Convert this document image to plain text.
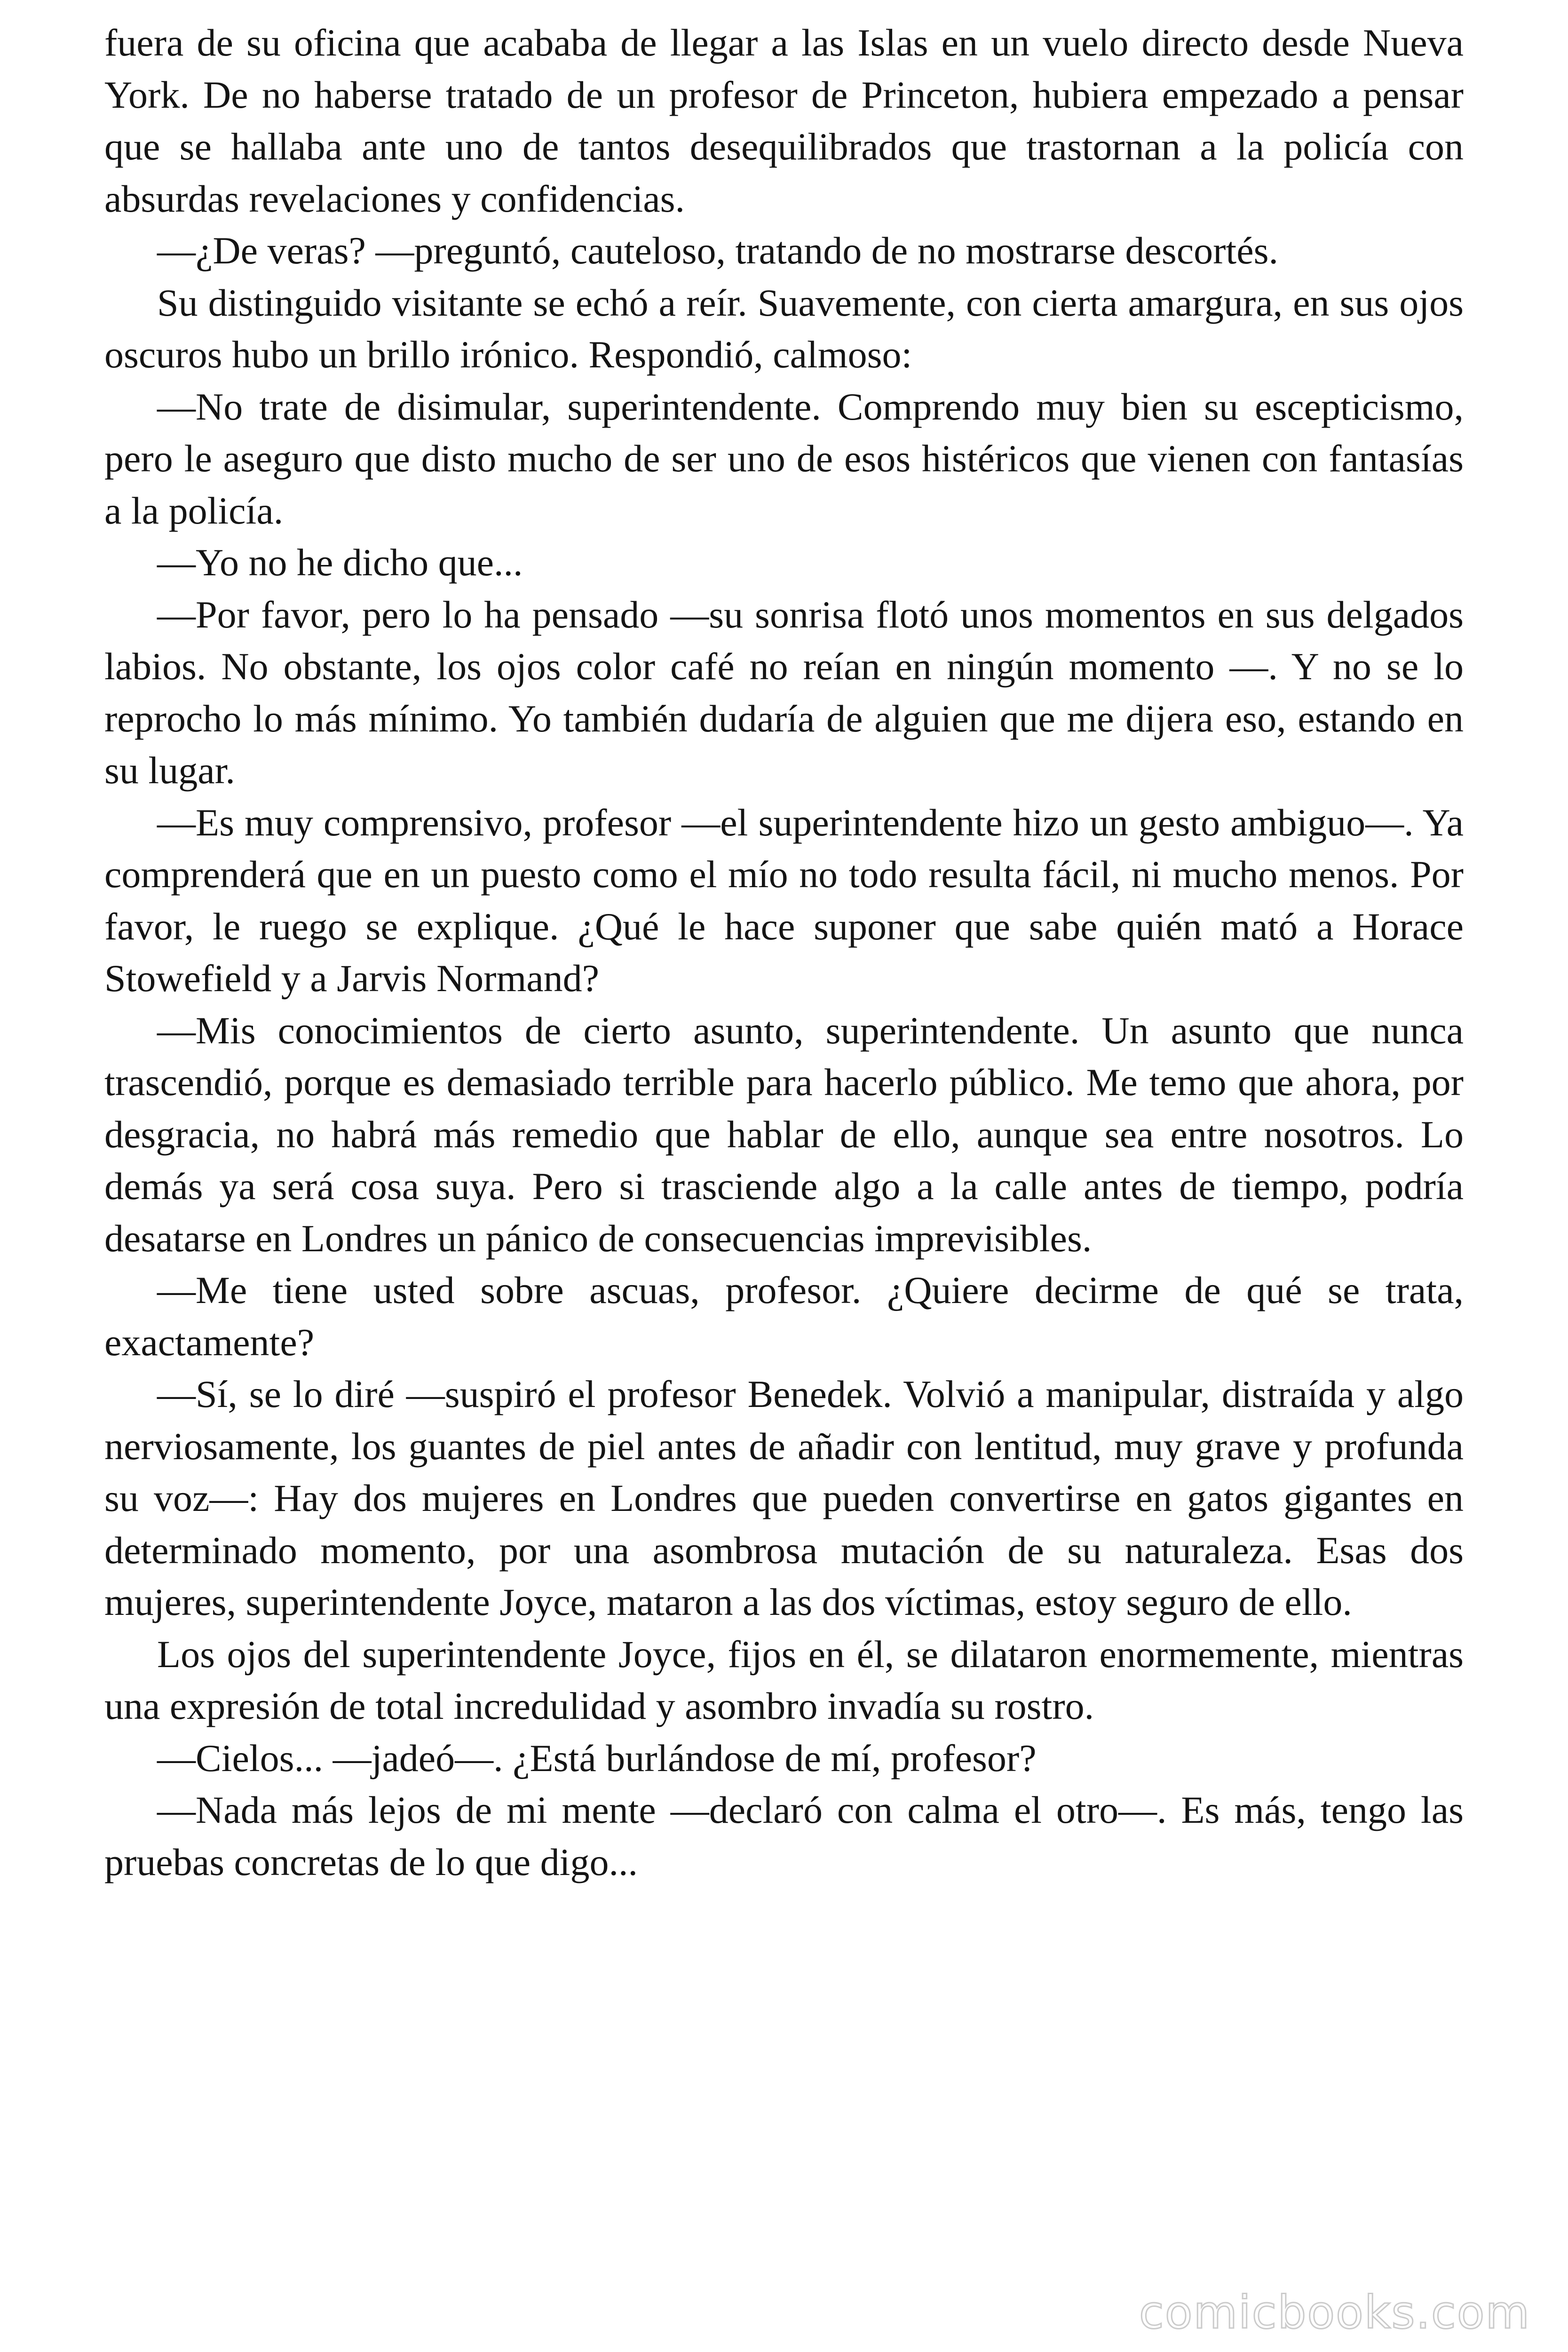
fuera de su oficina que acababa de llegar a las Islas en un vuelo directo desde Nueva York. De no haberse tratado de un profesor de Princeton, hubiera empezado a pensar que se hallaba ante uno de tantos desequilibrados que trastornan a la policía con absurdas revelaciones y confidencias.

—¿De veras? —preguntó, cauteloso, tratando de no mostrarse descortés.

Su distinguido visitante se echó a reír. Suavemente, con cierta amargura, en sus ojos oscuros hubo un brillo irónico. Respondió, calmoso:

—No trate de disimular, superintendente. Comprendo muy bien su escepticismo, pero le aseguro que disto mucho de ser uno de esos histéricos que vienen con fantasías a la policía.

—Yo no he dicho que...

—Por favor, pero lo ha pensado —su sonrisa flotó unos momentos en sus delgados labios. No obstante, los ojos color café no reían en ningún momento —. Y no se lo reprocho lo más mínimo. Yo también dudaría de alguien que me dijera eso, estando en su lugar.

—Es muy comprensivo, profesor —el superintendente hizo un gesto ambiguo—. Ya comprenderá que en un puesto como el mío no todo resulta fácil, ni mucho menos. Por favor, le ruego se explique. ¿Qué le hace suponer que sabe quién mató a Horace Stowefield y a Jarvis Normand?

—Mis conocimientos de cierto asunto, superintendente. Un asunto que nunca trascendió, porque es demasiado terrible para hacerlo público. Me temo que ahora, por desgracia, no habrá más remedio que hablar de ello, aunque sea entre nosotros. Lo demás ya será cosa suya. Pero si trasciende algo a la calle antes de tiempo, podría desatarse en Londres un pánico de consecuencias imprevisibles.

—Me tiene usted sobre ascuas, profesor. ¿Quiere decirme de qué se trata, exactamente?

—Sí, se lo diré —suspiró el profesor Benedek. Volvió a manipular, distraída y algo nerviosamente, los guantes de piel antes de añadir con lentitud, muy grave y profunda su voz—: Hay dos mujeres en Londres que pueden convertirse en gatos gigantes en determinado momento, por una asombrosa mutación de su naturaleza. Esas dos mujeres, superintendente Joyce, mataron a las dos víctimas, estoy seguro de ello.

Los ojos del superintendente Joyce, fijos en él, se dilataron enormemente, mientras una expresión de total incredulidad y asombro invadía su rostro.

—Cielos... —jadeó—. ¿Está burlándose de mí, profesor?

—Nada más lejos de mi mente —declaró con calma el otro—. Es más, tengo las pruebas concretas de lo que digo...

comicbooks.com
